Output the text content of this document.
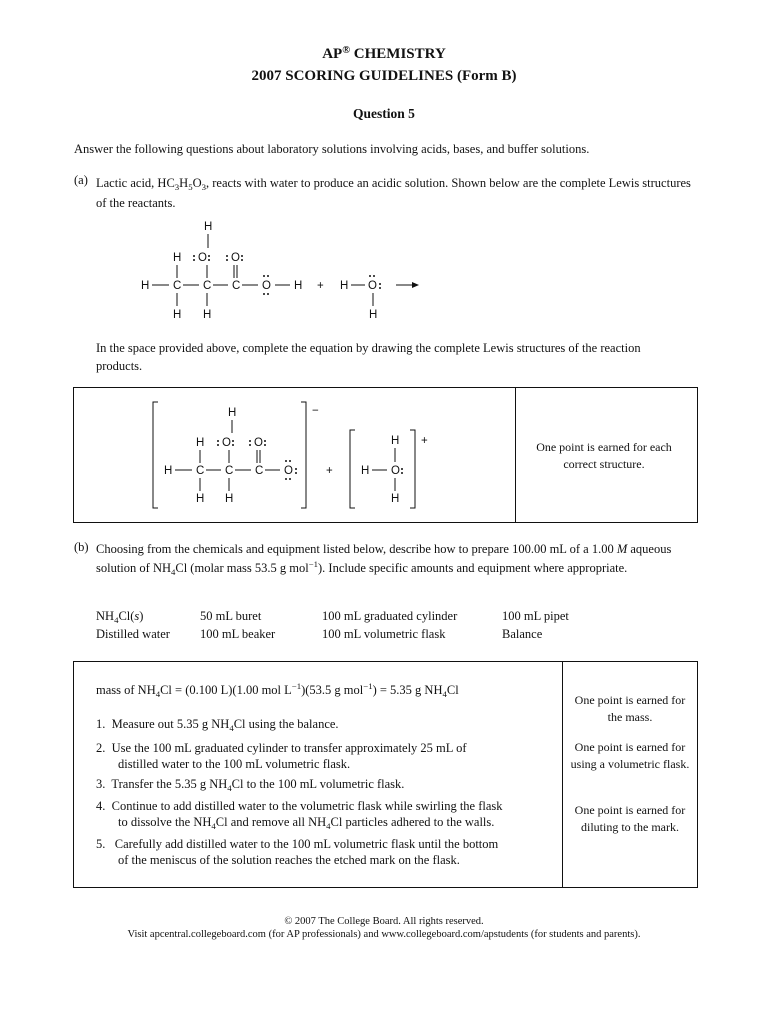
AP® CHEMISTRY
2007 SCORING GUIDELINES (Form B)
Question 5
Answer the following questions about laboratory solutions involving acids, bases, and buffer solutions.
(a) Lactic acid, $HC_3H_5O_3$, reacts with water to produce an acidic solution. Shown below are the complete Lewis structures of the reactants.
H
H O O
H C C C O H + H O
H H	H
In the space provided above, complete the equation by drawing the complete Lewis structures of the reaction products.
H
H O O
H C C C O
H H
−
+
H
H O
H
+	One point is earned for each correct structure.
(b) Choosing from the chemicals and equipment listed below, describe how to prepare 100.00 mL of a 1.00 M aqueous solution of $NH_4Cl$ (molar mass 53.5 g mol$^{-1}$). Include specific amounts and equipment where appropriate.
$NH_4Cl(s)$	50 mL buret	100 mL graduated cylinder	100 mL pipet
Distilled water	100 mL beaker	100 mL volumetric flask	Balance
mass of $NH_4Cl = (0.100$ L)(1.00 mol $L^{-1})(53.5$ g mol$^{-1}$) = 5.35 g $NH_4Cl$
1. Measure out 5.35 g $NH_4Cl$ using the balance.
2. Use the 100 mL graduated cylinder to transfer approximately 25 mL of
distilled water to the 100 mL volumetric flask.
3. Transfer the 5.35 g $NH_4Cl$ to the 100 mL volumetric flask.
4. Continue to add distilled water to the volumetric flask while swirling the flask
to dissolve the $NH_4Cl$ and remove all $NH_4Cl$ particles adhered to the walls.
5. Carefully add distilled water to the 100 mL volumetric flask until the bottom
of the meniscus of the solution reaches the etched mark on the flask.
One point is earned for the mass.
One point is earned for using a volumetric flask.
One point is earned for diluting to the mark.
© 2007 The College Board. All rights reserved.
Visit apcentral.collegeboard.com (for AP professionals) and www.collegeboard.com/apstudents (for students and parents).
